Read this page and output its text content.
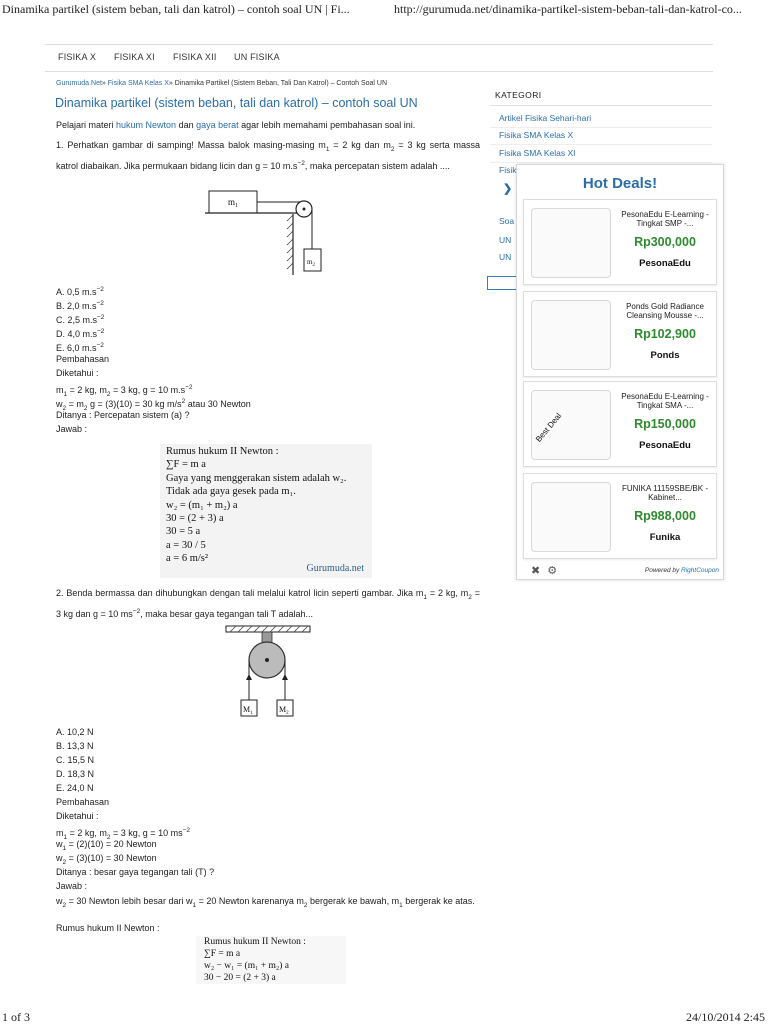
Dinamika partikel (sistem beban, tali dan katrol) – contoh soal UN | Fi...	http://gurumuda.net/dinamika-partikel-sistem-beban-tali-dan-katrol-co...
FISIKA X FISIKA XI FISIKA XII UN FISIKA
Gurumuda.Net» Fisika SMA Kelas X» Dinamika Partikel (Sistem Beban, Tali Dan Katrol) – Contoh Soal UN
Dinamika partikel (sistem beban, tali dan katrol) – contoh soal UN
Pelajari materi hukum Newton dan gaya berat agar lebih memahami pembahasan soal ini.
1. Perhatkan gambar di samping! Massa balok masing-masing $m_1 = 2$ kg dan $m_2 = 3$ kg serta massa katrol diabaikan. Jika permukaan bidang licin dan g = 10 $m.s^{-2}$, maka percepatan sistem adalah ....
$m_1$
$m_2$
A. 0,5 $m.s^{-2}$
B. 2,0 $m.s^{-2}$
C. 2,5 $m.s^{-2}$
D. 4,0 $m.s^{-2}$
E. 6,0 $m.s^{-2}$
Pembahasan
Diketahui :
$m_1 = 2$ kg, $m_2 = 3$ kg, g = 10 $m.s^{-2}$
$w_2 = m_2$ g = (3)(10) = 30 kg $m/s^2$ atau 30 Newton
Ditanya : Percepatan sistem (a) ?
Jawab :
Rumus hukum II Newton :
∑F = m a
Gaya yang menggerakan sistem adalah w₂.
Tidak ada gaya gesek pada m₁.
w₂ = (m₁ + m₂) a
30 = (2 + 3) a
30 = 5 a
a = 30 / 5
a = 6 m/s²
Gurumuda.net
2. Benda bermassa dan dihubungkan dengan tali melalui katrol licin seperti gambar. Jika $m_1 = 2$ kg, $m_2 = 3$ kg dan g = 10 $ms^{-2}$, maka besar gaya tegangan tali T adalah...
$M_1$	$M_2$
A. 10,2 N
B. 13,3 N
C. 15,5 N
D. 18,3 N
E. 24,0 N
Pembahasan
Diketahui :
$m_1 = 2$ kg, $m_2 = 3$ kg, g = 10 $ms^{-2}$
$w_1 = (2)(10) = 20$ Newton
$w_2 = (3)(10) = 30$ Newton
Ditanya : besar gaya tegangan tali (T) ?
Jawab :
$w_2 = 30$ Newton lebih besar dari $w_1 = 20$ Newton karenanya $m_2$ bergerak ke bawah, $m_1$ bergerak ke atas.
Rumus hukum II Newton :
Rumus hukum II Newton :
∑F = m a
w₂ − w₁ = (m₁ + m₂) a
30 − 20 = (2 + 3) a
KATEGORI
Artikel Fisika Sehari-hari
Fisika SMA Kelas X
Fisika SMA Kelas XI
Fisik
Soa
UN
UN
❯	Hot Deals!
PesonaEdu E-Learning - Tingkat SMP -...
Rp300,000
PesonaEdu
Ponds Gold Radiance Cleansing Mousse -...
Rp102,900
Ponds
Best Deal
PesonaEdu E-Learning - Tingkat SMA -...
Rp150,000
PesonaEdu
FUNIKA 11159SBE/BK - Kabinet...
Rp988,000
Funika
✖ ⚙	Powered by RightCoupon
1 of 3	24/10/2014 2:45
